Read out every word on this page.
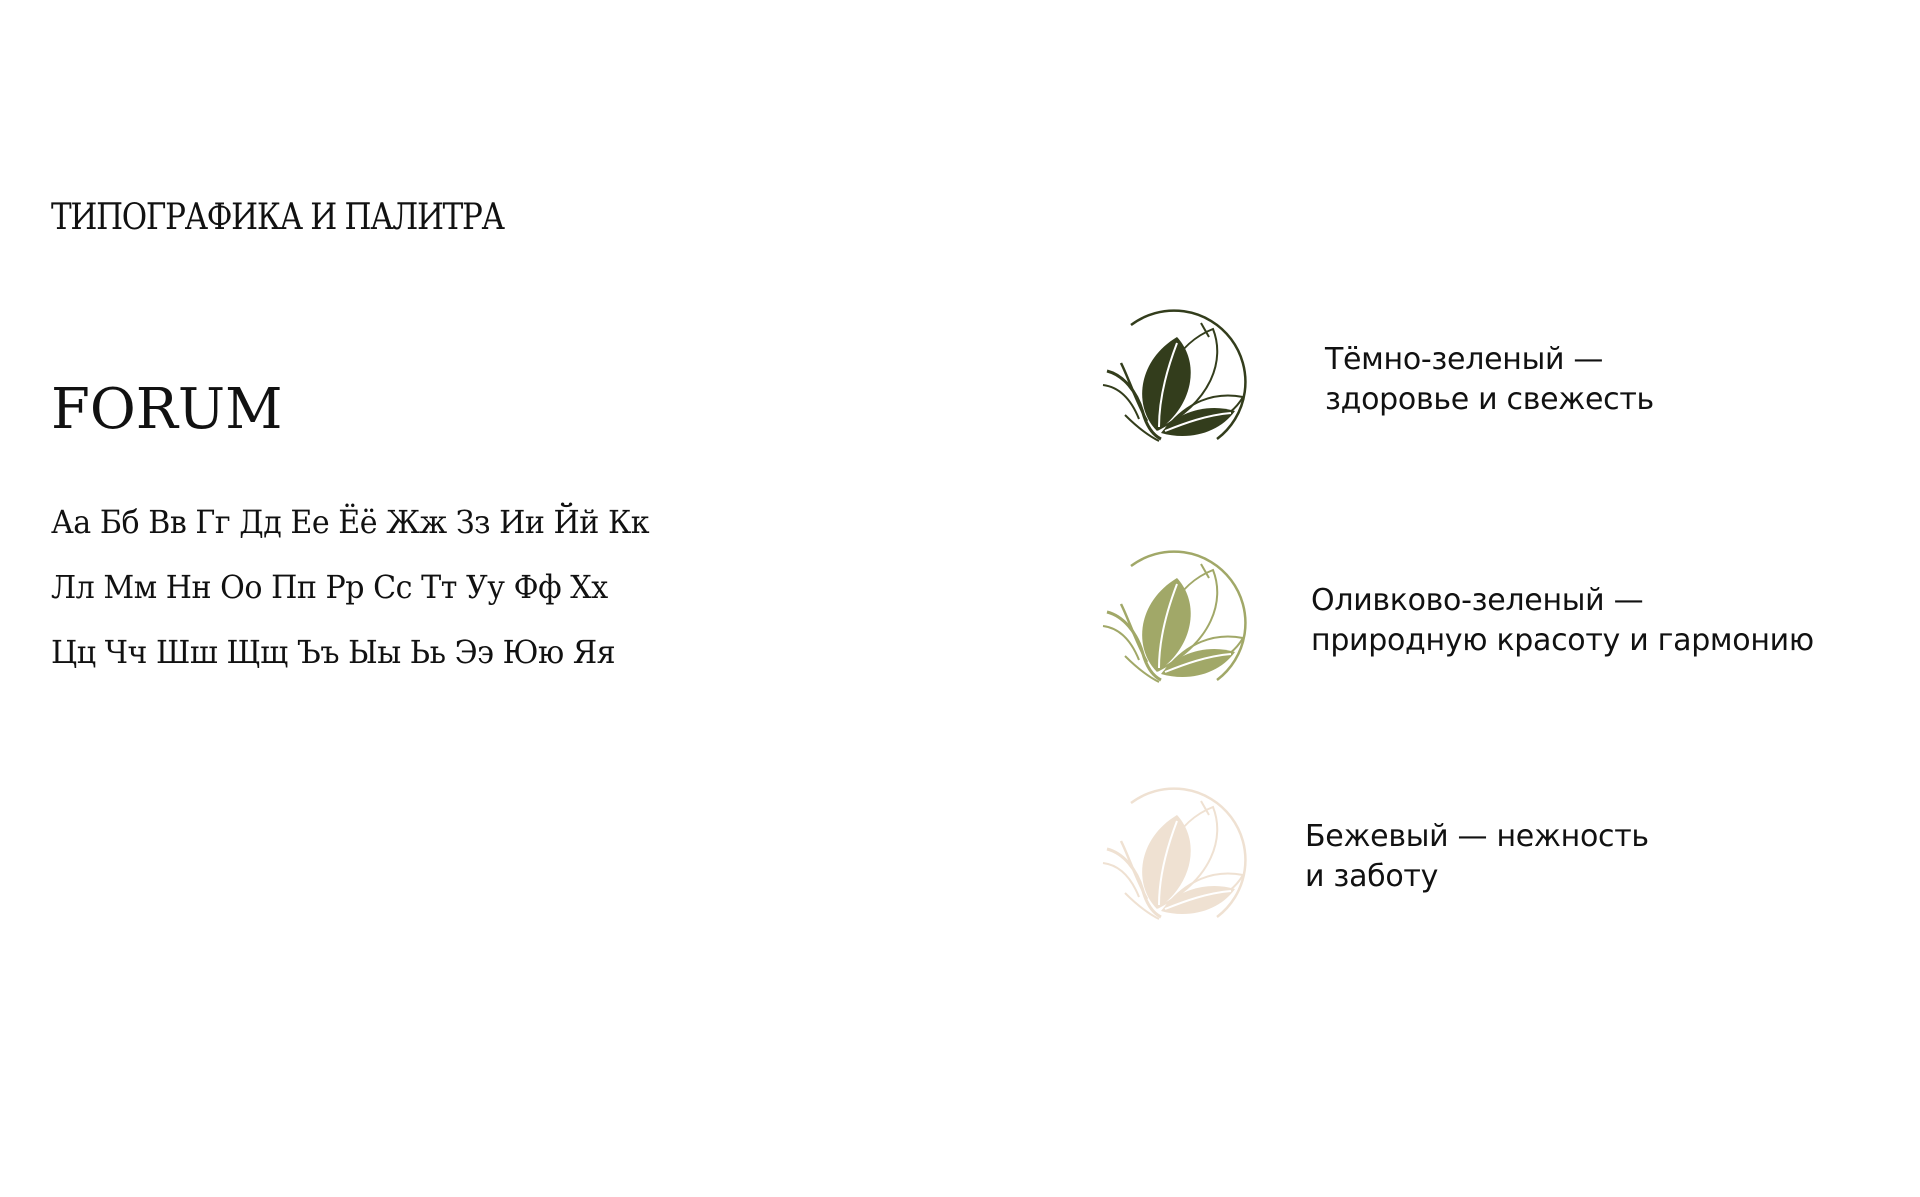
ТИПОГРАФИКА И ПАЛИТРА
FORUM
Аа Бб Вв Гг Дд Ее Ёё Жж Зз Ии Йй Кк
Лл Мм Нн Оо Пп Рр Сс Тт Уу Фф Хх
Цц Чч Шш Щщ Ъъ Ыы Ьь Ээ Юю Яя
Тёмно-зеленый —
здоровье и свежесть
Оливково-зеленый —
природную красоту и гармонию
Бежевый — нежность
и заботу
